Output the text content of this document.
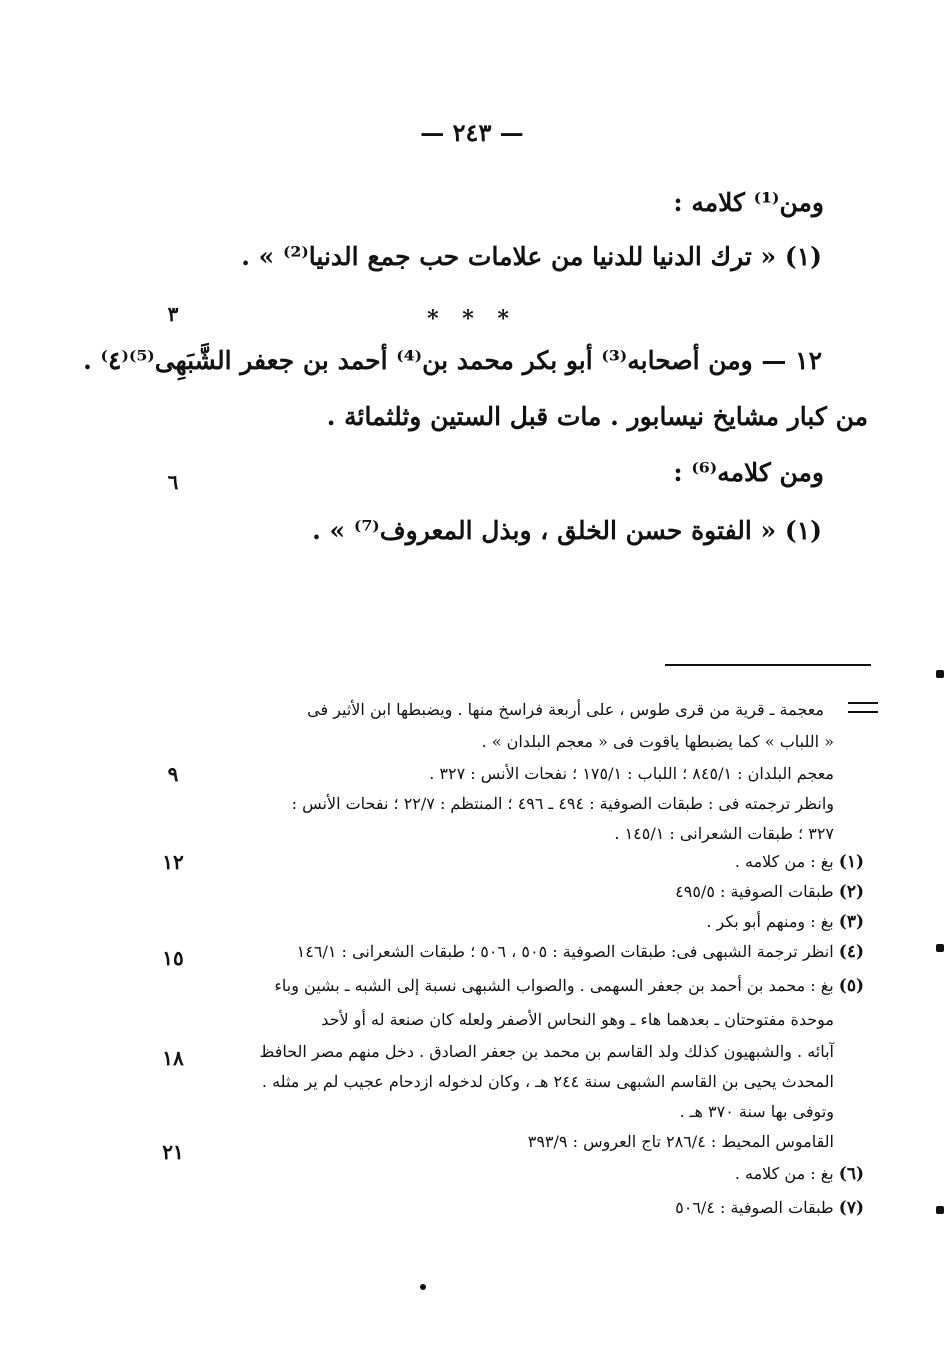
— ٢٤٣ —
ومن⁽¹⁾ كلامه :
(١) « ترك الدنيا للدنيا من علامات حب جمع الدنيا⁽²⁾ » .
* * *
١٢ — ومن أصحابه⁽³⁾ أبو بكر محمد بن⁽⁴⁾ أحمد بن جعفر الشَّبَهِى⁽⁵⁾⁽٤⁾ .
من كبار مشايخ نيسابور . مات قبل الستين وثلثمائة .
ومن كلامه⁽⁶⁾ :
(١) « الفتوة حسن الخلق ، وبذل المعروف⁽⁷⁾ » .
٣
٦
٩
١٢
١٥
١٨
٢١
معجمة ـ قرية من قرى طوس ، على أربعة فراسخ منها . ويضبطها ابن الأثير فى
« اللباب » كما يضبطها ياقوت فى « معجم البلدان » .
معجم البلدان : ٨٤٥/١ ؛ اللباب : ١٧٥/١ ؛ نفحات الأنس : ٣٢٧ .
وانظر ترجمته فى : طبقات الصوفية : ٤٩٤ ـ ٤٩٦ ؛ المنتظم : ٢٢/٧ ؛ نفحات الأنس :
٣٢٧ ؛ طبقات الشعرانى : ١٤٥/١ .
(١) بغ : من كلامه .
(٢) طبقات الصوفية : ٤٩٥/٥
(٣) بغ : ومنهم أبو بكر .
(٤) انظر ترجمة الشبهى فى: طبقات الصوفية : ٥٠٥ ، ٥٠٦ ؛ طبقات الشعرانى : ١٤٦/١
(٥) بغ : محمد بن أحمد بن جعفر السهمى . والصواب الشبهى نسبة إلى الشبه ـ بشين وباء
موحدة مفتوحتان ـ بعدهما هاء ـ وهو النحاس الأصفر ولعله كان صنعة له أو لأحد
آبائه . والشبهيون كذلك ولد القاسم بن محمد بن جعفر الصادق . دخل منهم مصر الحافظ
المحدث يحيى بن القاسم الشبهى سنة ٢٤٤ هـ ، وكان لدخوله ازدحام عجيب لم ير مثله .
وتوفى بها سنة ٣٧٠ هـ .
القاموس المحيط : ٢٨٦/٤ تاج العروس : ٣٩٣/٩
(٦) بغ : من كلامه .
(٧) طبقات الصوفية : ٥٠٦/٤
